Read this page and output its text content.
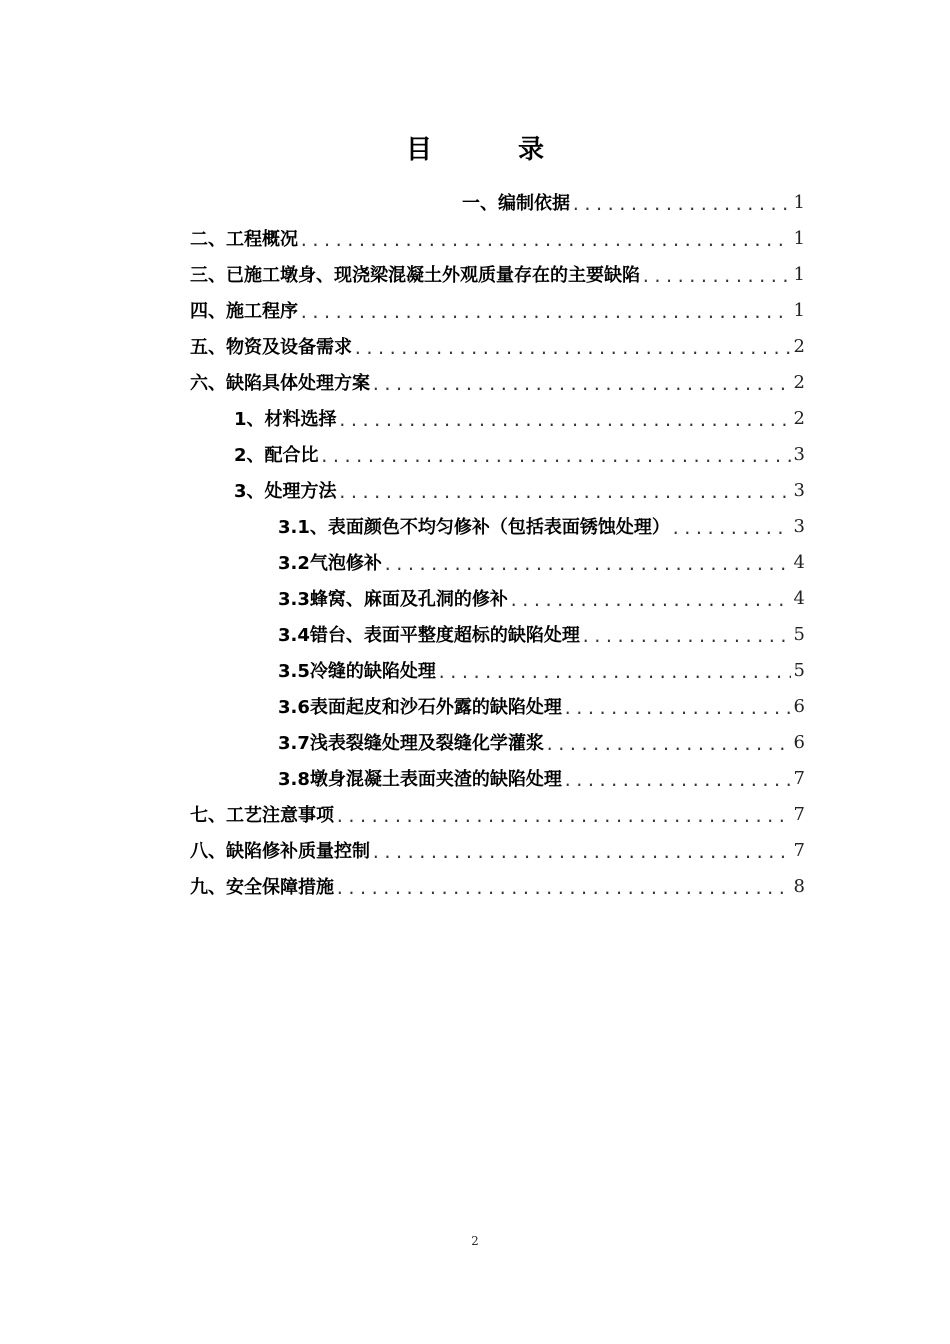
目　录
一、编制依据 .....	1
二、工程概况 .....	1
三、已施工墩身、现浇梁混凝土外观质量存在的主要缺陷 .....	1
四、施工程序 .....	1
五、物资及设备需求 .....	2
六、缺陷具体处理方案 .....	2
1、材料选择 .....	2
2、配合比 .....	3
3、处理方法 .....	3
3.1、表面颜色不均匀修补（包括表面锈蚀处理） .....	3
3.2气泡修补 .....	4
3.3蜂窝、麻面及孔洞的修补 .....	4
3.4错台、表面平整度超标的缺陷处理 .....	5
3.5冷缝的缺陷处理 .....	5
3.6表面起皮和沙石外露的缺陷处理 .....	6
3.7浅表裂缝处理及裂缝化学灌浆 .....	6
3.8墩身混凝土表面夹渣的缺陷处理 .....	7
七、工艺注意事项 .....	7
八、缺陷修补质量控制 .....	7
九、安全保障措施 .....	8
2
